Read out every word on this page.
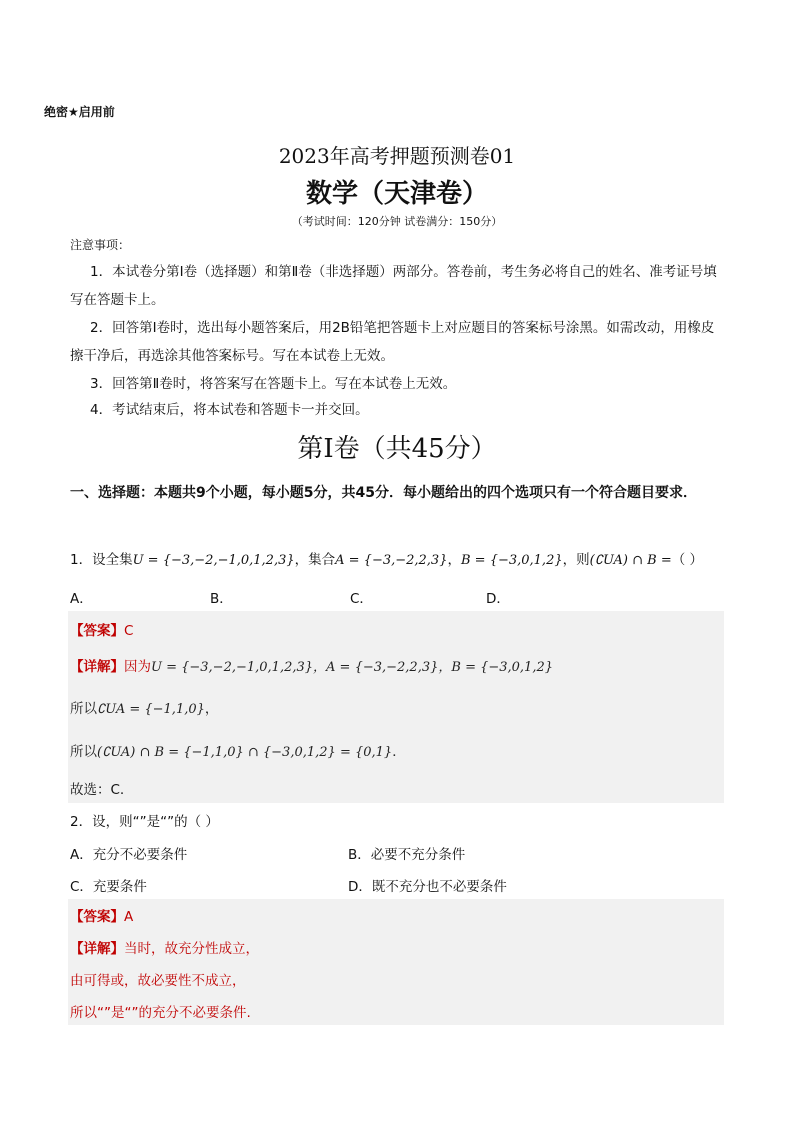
绝密★启用前
2023年高考押题预测卷01
数学（天津卷）
（考试时间：120分钟 试卷满分：150分）
注意事项：
1．本试卷分第Ⅰ卷（选择题）和第Ⅱ卷（非选择题）两部分。答卷前，考生务必将自己的姓名、准考证号填写在答题卡上。
2．回答第Ⅰ卷时，选出每小题答案后，用2B铅笔把答题卡上对应题目的答案标号涂黑。如需改动，用橡皮擦干净后，再选涂其他答案标号。写在本试卷上无效。
3．回答第Ⅱ卷时，将答案写在答题卡上。写在本试卷上无效。
4．考试结束后，将本试卷和答题卡一并交回。
第Ⅰ卷（共45分）
一、选择题：本题共9个小题，每小题5分，共45分．每小题给出的四个选项只有一个符合题目要求．
1．设全集U = {−3,−2,−1,0,1,2,3}，集合A = {−3,−2,2,3}，B = {−3,0,1,2}，则(∁UA) ∩ B =（ ）
A．	B．	C．	D．
【答案】C
【详解】因为U = {−3,−2,−1,0,1,2,3}，A = {−3,−2,2,3}，B = {−3,0,1,2}
所以∁UA = {−1,1,0}，
所以(∁UA) ∩ B = {−1,1,0} ∩ {−3,0,1,2} = {0,1}．
故选：C.
2．设，则“”是“”的（ ）
A．充分不必要条件	B．必要不充分条件
C．充要条件	D．既不充分也不必要条件
【答案】A
【详解】当时，故充分性成立，
由可得或，故必要性不成立，
所以“”是“”的充分不必要条件.
